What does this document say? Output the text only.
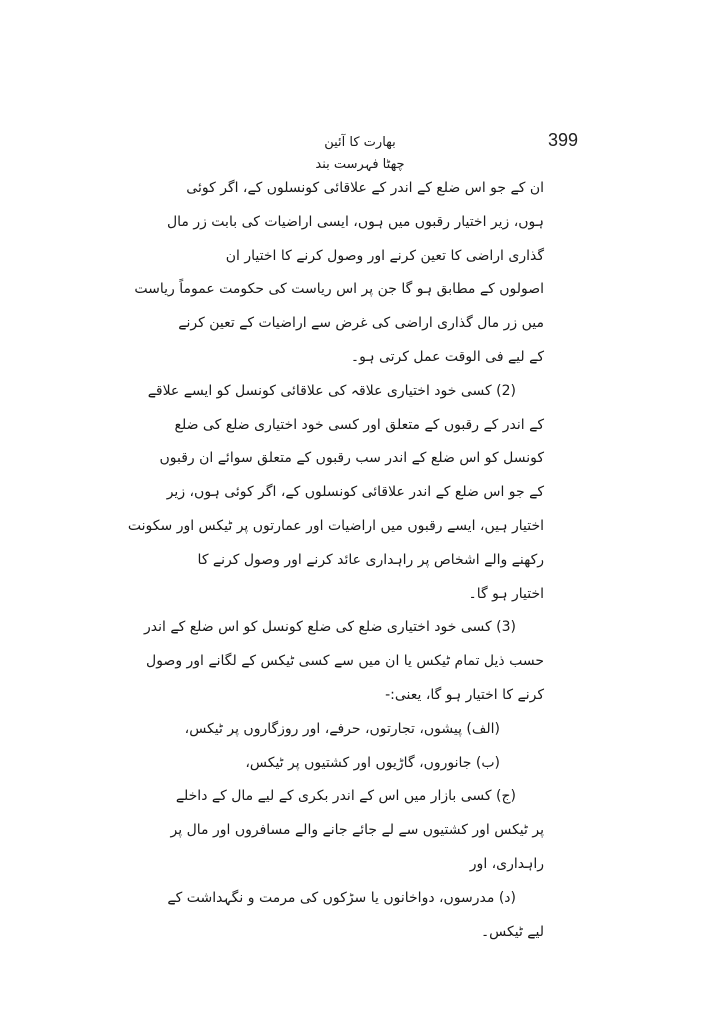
399
بھارت کا آئین
چھٹا فہرست بند
ان کے جو اس ضلع کے اندر کے علاقائی کونسلوں کے، اگر کوئی
ہوں، زیر اختیار رقبوں میں ہوں، ایسی اراضیات کی بابت زر مال
گذاری اراضی کا تعین کرنے اور وصول کرنے کا اختیار ان
اصولوں کے مطابق ہو گا جن پر اس ریاست کی حکومت عموماً ریاست
میں زر مال گذاری اراضی کی غرض سے اراضیات کے تعین کرنے
کے لیے فی الوقت عمل کرتی ہو۔
(2) کسی خود اختیاری علاقہ کی علاقائی کونسل کو ایسے علاقے
کے اندر کے رقبوں کے متعلق اور کسی خود اختیاری ضلع کی ضلع
کونسل کو اس ضلع کے اندر سب رقبوں کے متعلق سوائے ان رقبوں
کے جو اس ضلع کے اندر علاقائی کونسلوں کے، اگر کوئی ہوں، زیر
اختیار ہیں، ایسے رقبوں میں اراضیات اور عمارتوں پر ٹیکس اور سکونت
رکھنے والے اشخاص پر راہداری عائد کرنے اور وصول کرنے کا
اختیار ہو گا۔
(3) کسی خود اختیاری ضلع کی ضلع کونسل کو اس ضلع کے اندر
حسب ذیل تمام ٹیکس یا ان میں سے کسی ٹیکس کے لگانے اور وصول
کرنے کا اختیار ہو گا، یعنی:-
(الف) پیشوں، تجارتوں، حرفے، اور روزگاروں پر ٹیکس،
(ب) جانوروں، گاڑیوں اور کشتیوں پر ٹیکس،
(ج) کسی بازار میں اس کے اندر بکری کے لیے مال کے داخلے
پر ٹیکس اور کشتیوں سے لے جائے جانے والے مسافروں اور مال پر
راہداری، اور
(د) مدرسوں، دواخانوں یا سڑکوں کی مرمت و نگہداشت کے
لیے ٹیکس۔
